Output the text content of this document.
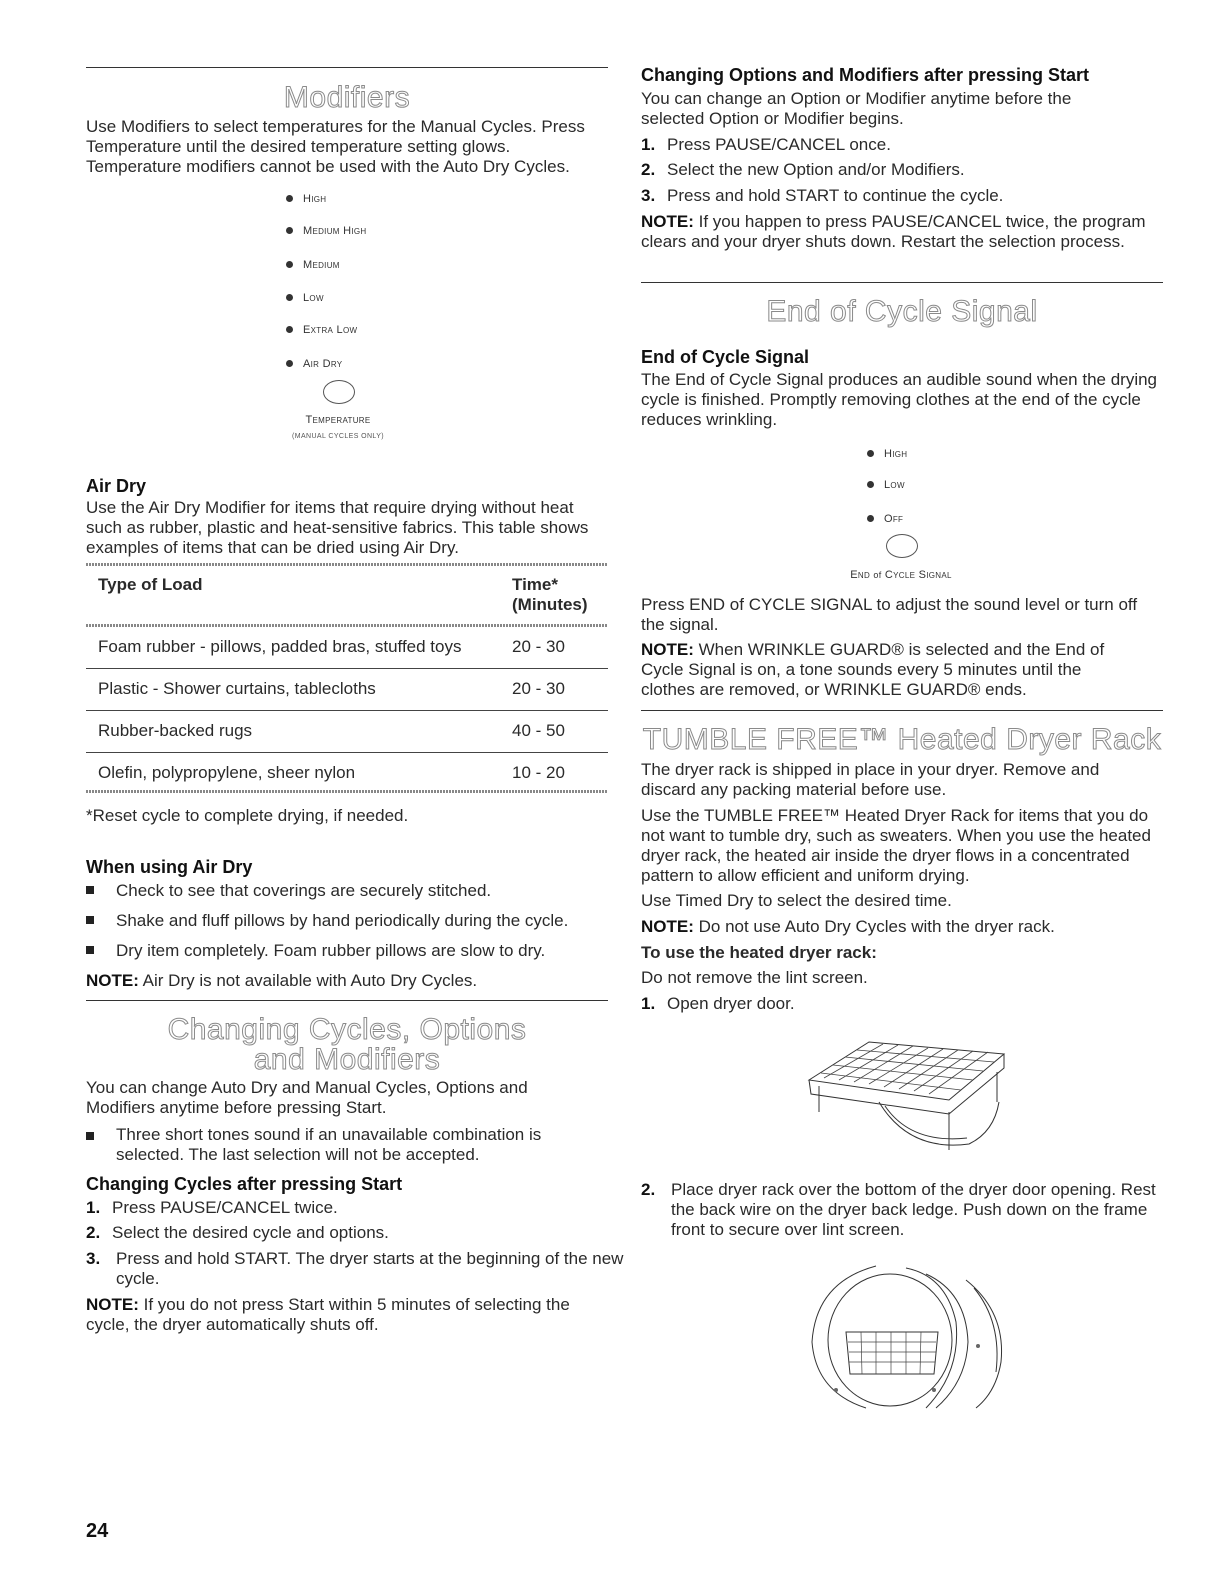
Modifiers

Use Modifiers to select temperatures for the Manual Cycles. Press Temperature until the desired temperature setting glows. Temperature modifiers cannot be used with the Auto Dry Cycles.

High
Medium High
Medium
Low
Extra Low
Air Dry
Temperature
(MANUAL CYCLES ONLY)
Air Dry

Use the Air Dry Modifier for items that require drying without heat such as rubber, plastic and heat-sensitive fabrics. This table shows examples of items that can be dried using Air Dry.

Type of Load	Time*
(Minutes)
Foam rubber - pillows, padded bras, stuffed toys	20 - 30
Plastic - Shower curtains, tablecloths	20 - 30
Rubber-backed rugs	40 - 50
Olefin, polypropylene, sheer nylon	10 - 20
*Reset cycle to complete drying, if needed.
When using Air Dry
Check to see that coverings are securely stitched.
Shake and fluff pillows by hand periodically during the cycle.
Dry item completely. Foam rubber pillows are slow to dry.
NOTE: Air Dry is not available with Auto Dry Cycles.
Changing Cycles, Options
and Modifiers

You can change Auto Dry and Manual Cycles, Options and Modifiers anytime before pressing Start.

Three short tones sound if an unavailable combination is selected. The last selection will not be accepted.
Changing Cycles after pressing Start
1. Press PAUSE/CANCEL twice.
2. Select the desired cycle and options.
3. Press and hold START. The dryer starts at the beginning of the new cycle.

NOTE: If you do not press Start within 5 minutes of selecting the cycle, the dryer automatically shuts off.

Changing Options and Modifiers after pressing Start

You can change an Option or Modifier anytime before the selected Option or Modifier begins.

1. Press PAUSE/CANCEL once.
2. Select the new Option and/or Modifiers.
3. Press and hold START to continue the cycle.

NOTE: If you happen to press PAUSE/CANCEL twice, the program clears and your dryer shuts down. Restart the selection process.

End of Cycle Signal
End of Cycle Signal

The End of Cycle Signal produces an audible sound when the drying cycle is finished. Promptly removing clothes at the end of the cycle reduces wrinkling.

High
Low
Off
End of Cycle Signal

Press END of CYCLE SIGNAL to adjust the sound level or turn off the signal.

NOTE: When WRINKLE GUARD® is selected and the End of Cycle Signal is on, a tone sounds every 5 minutes until the clothes are removed, or WRINKLE GUARD® ends.

TUMBLE FREE™ Heated Dryer Rack

The dryer rack is shipped in place in your dryer. Remove and discard any packing material before use.

Use the TUMBLE FREE™ Heated Dryer Rack for items that you do not want to tumble dry, such as sweaters. When you use the heated dryer rack, the heated air inside the dryer flows in a concentrated pattern to allow efficient and uniform drying.

Use Timed Dry to select the desired time.
NOTE: Do not use Auto Dry Cycles with the dryer rack.
To use the heated dryer rack:
Do not remove the lint screen.
1. Open dryer door.
2. Place dryer rack over the bottom of the dryer door opening. Rest the back wire on the dryer back ledge. Push down on the frame front to secure over lint screen.
24
